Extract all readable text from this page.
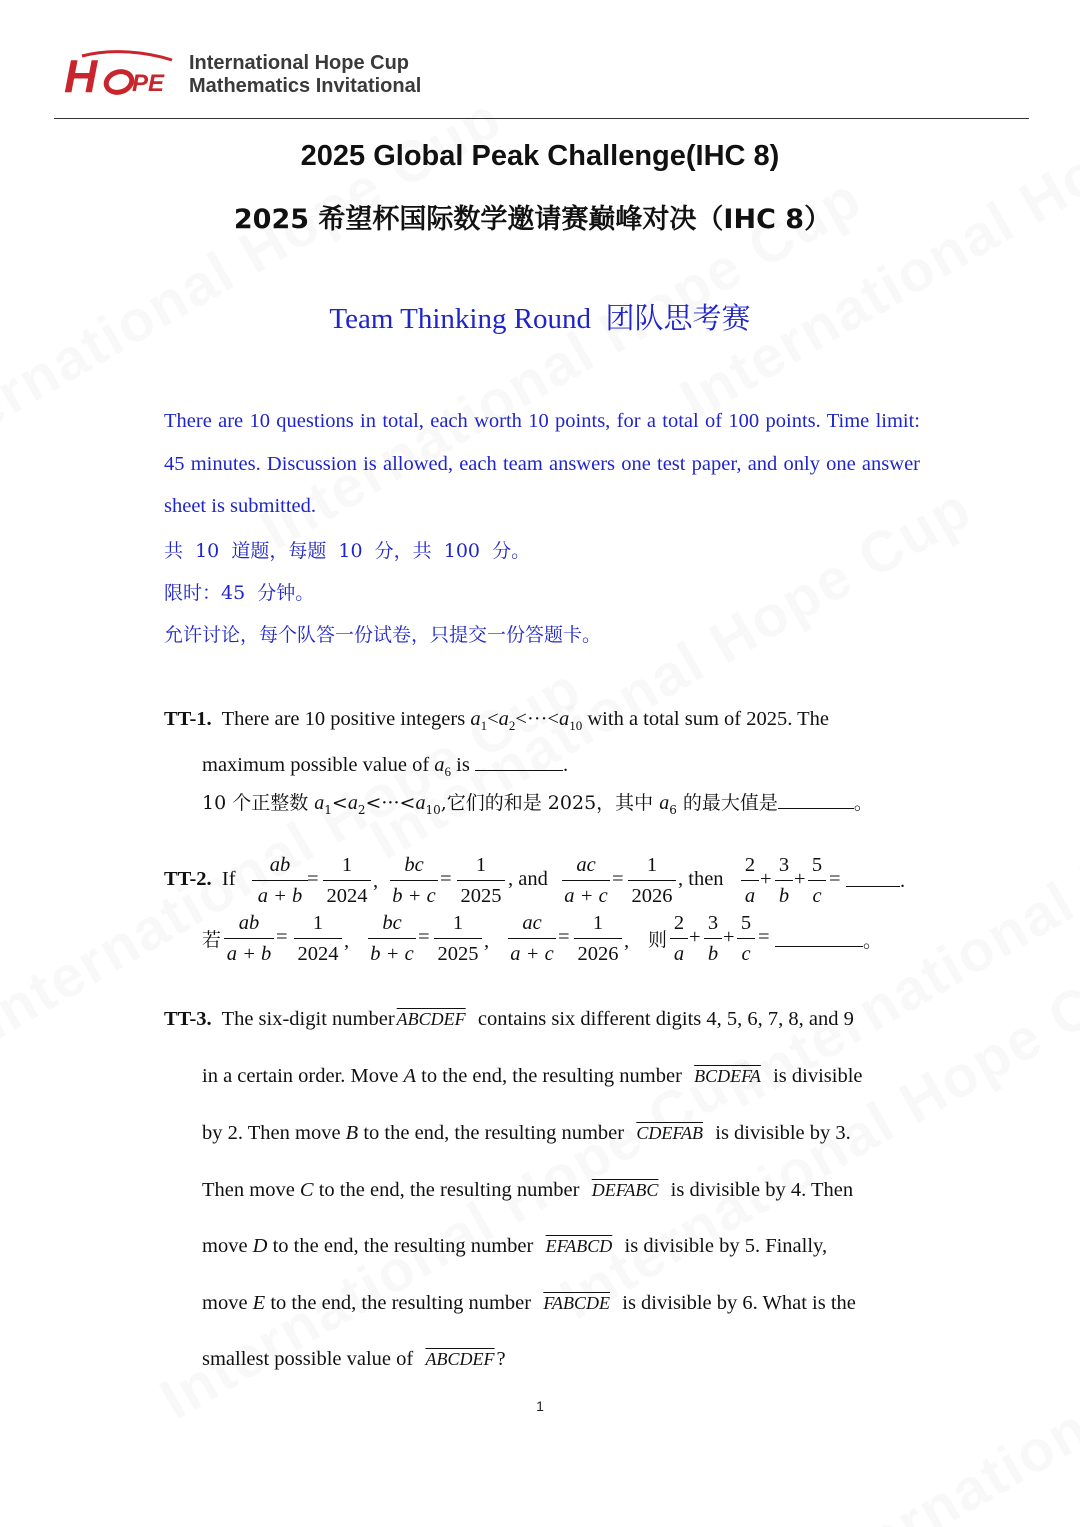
H PE
International Hope Cup
Mathematics Invitational
2025 Global Peak Challenge(IHC 8)
2025 希望杯国际数学邀请赛巅峰对决（IHC 8）
Team Thinking Round  团队思考赛
There are 10 questions in total, each worth 10 points, for a total of 100 points. Time limit: 45 minutes. Discussion is allowed, each team answers one test paper, and only one answer sheet is submitted.
共  10  道题，每题  10  分，共  100  分。
限时：45  分钟。
允许讨论，每个队答一份试卷，只提交一份答题卡。
TT-1. There are 10 positive integers $a_1<a_2<\cdot\cdot\cdot<a_{10}$ with a total sum of 2025. The
maximum possible value of $a_6$ is	.
10 个正整数 $a_1<a_2<\cdot\cdot\cdot<a_{10}$,它们的和是 2025，其中 $a_6$ 的最大值是	。
TT-2. If $\frac{ab}{a + b} = \frac{1}{2024}$ , $\frac{bc}{b + c} = \frac{1}{2025}$ , and $\frac{ac}{a + c} = \frac{1}{2026}$ , then $\frac{2}{a} + \frac{3}{b} + \frac{5}{c}$ =	.
若 $\frac{ab}{a + b} = \frac{1}{2024}$ , $\frac{bc}{b + c} = \frac{1}{2025}$ , $\frac{ac}{a + c} = \frac{1}{2026}$ , 则 $\frac{2}{a} + \frac{3}{b} + \frac{5}{c}$ =	。
TT-3. The six-digit number ABCDEF contains six different digits 4, 5, 6, 7, 8, and 9
in a certain order. Move A to the end, the resulting number BCDEFA is divisible
by 2. Then move B to the end, the resulting number CDEFAB is divisible by 3.
Then move C to the end, the resulting number DEFABC is divisible by 4. Then
move D to the end, the resulting number EFABCD is divisible by 5. Finally,
move E to the end, the resulting number FABCDE is divisible by 6. What is the
smallest possible value of ABCDEF?
1
